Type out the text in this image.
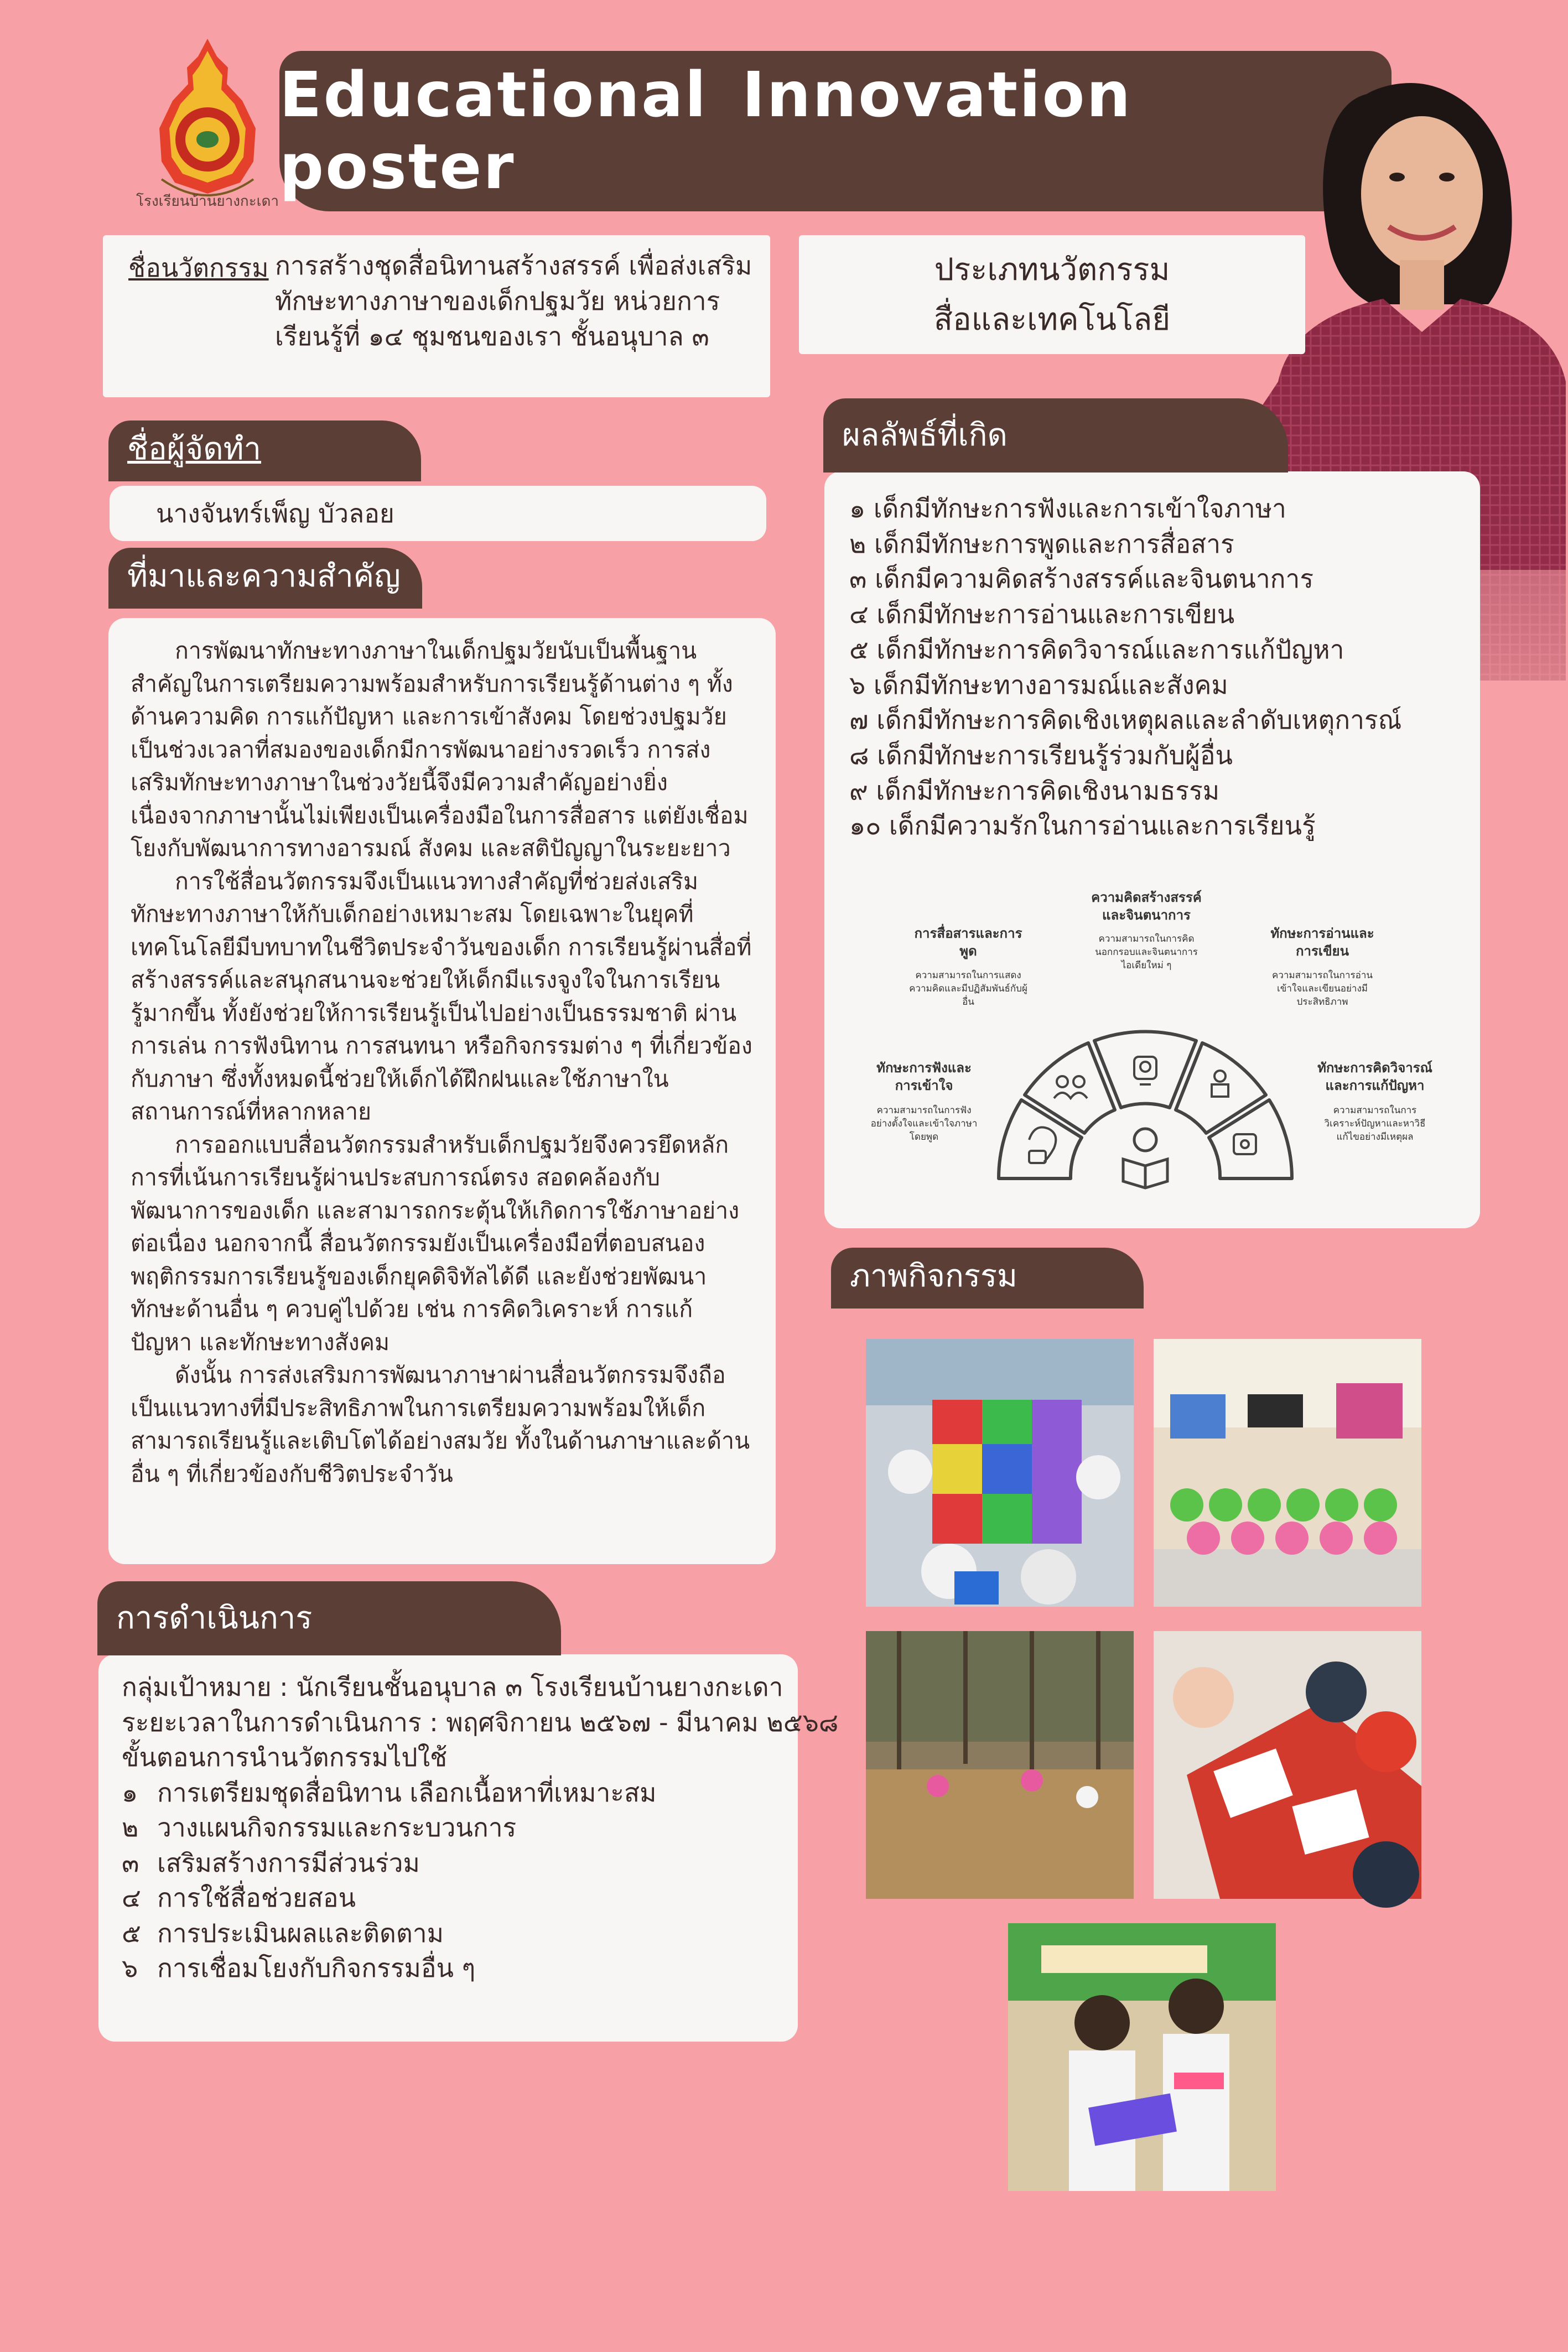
Educational Innovation poster
โรงเรียนบ้านยางกะเดา
ชื่อนวัตกรรม การสร้างชุดสื่อนิทานสร้างสรรค์ เพื่อส่งเสริม
ทักษะทางภาษาของเด็กปฐมวัย หน่วยการ
เรียนรู้ที่ ๑๔ ชุมชนของเรา ชั้นอนุบาล ๓
ประเภทนวัตกรรม
สื่อและเทคโนโลยี
ชื่อผู้จัดทำ
นางจันทร์เพ็ญ บัวลอย
ที่มาและความสำคัญ

การพัฒนาทักษะทางภาษาในเด็กปฐมวัยนับเป็นพื้นฐานสำคัญในการเตรียมความพร้อมสำหรับการเรียนรู้ด้านต่าง ๆ ทั้งด้านความคิด การแก้ปัญหา และการเข้าสังคม โดยช่วงปฐมวัย เป็นช่วงเวลาที่สมองของเด็กมีการพัฒนาอย่างรวดเร็ว การส่งเสริมทักษะทางภาษาในช่วงวัยนี้จึงมีความสำคัญอย่างยิ่ง เนื่องจากภาษานั้นไม่เพียงเป็นเครื่องมือในการสื่อสาร แต่ยังเชื่อมโยงกับพัฒนาการทางอารมณ์ สังคม และสติปัญญาในระยะยาว

การใช้สื่อนวัตกรรมจึงเป็นแนวทางสำคัญที่ช่วยส่งเสริมทักษะทางภาษาให้กับเด็กอย่างเหมาะสม โดยเฉพาะในยุคที่เทคโนโลยีมีบทบาทในชีวิตประจำวันของเด็ก การเรียนรู้ผ่านสื่อที่สร้างสรรค์และสนุกสนานจะช่วยให้เด็กมีแรงจูงใจในการเรียนรู้มากขึ้น ทั้งยังช่วยให้การเรียนรู้เป็นไปอย่างเป็นธรรมชาติ ผ่านการเล่น การฟังนิทาน การสนทนา หรือกิจกรรมต่าง ๆ ที่เกี่ยวข้องกับภาษา ซึ่งทั้งหมดนี้ช่วยให้เด็กได้ฝึกฝนและใช้ภาษาในสถานการณ์ที่หลากหลาย

การออกแบบสื่อนวัตกรรมสำหรับเด็กปฐมวัยจึงควรยึดหลักการที่เน้นการเรียนรู้ผ่านประสบการณ์ตรง สอดคล้องกับพัฒนาการของเด็ก และสามารถกระตุ้นให้เกิดการใช้ภาษาอย่างต่อเนื่อง นอกจากนี้ สื่อนวัตกรรมยังเป็นเครื่องมือที่ตอบสนองพฤติกรรมการเรียนรู้ของเด็กยุคดิจิทัลได้ดี และยังช่วยพัฒนาทักษะด้านอื่น ๆ ควบคู่ไปด้วย เช่น การคิดวิเคราะห์ การแก้ปัญหา และทักษะทางสังคม

ดังนั้น การส่งเสริมการพัฒนาภาษาผ่านสื่อนวัตกรรมจึงถือเป็นแนวทางที่มีประสิทธิภาพในการเตรียมความพร้อมให้เด็กสามารถเรียนรู้และเติบโตได้อย่างสมวัย ทั้งในด้านภาษาและด้านอื่น ๆ ที่เกี่ยวข้องกับชีวิตประจำวัน

ผลลัพธ์ที่เกิด
๑ เด็กมีทักษะการฟังและการเข้าใจภาษา
๒ เด็กมีทักษะการพูดและการสื่อสาร
๓ เด็กมีความคิดสร้างสรรค์และจินตนาการ
๔ เด็กมีทักษะการอ่านและการเขียน
๕ เด็กมีทักษะการคิดวิจารณ์และการแก้ปัญหา
๖ เด็กมีทักษะทางอารมณ์และสังคม
๗ เด็กมีทักษะการคิดเชิงเหตุผลและลำดับเหตุการณ์
๘ เด็กมีทักษะการเรียนรู้ร่วมกับผู้อื่น
๙ เด็กมีทักษะการคิดเชิงนามธรรม
๑๐ เด็กมีความรักในการอ่านและการเรียนรู้
ทักษะการฟังและ
การเข้าใจ
ความสามารถในการฟัง
อย่างตั้งใจและเข้าใจภาษา
โดยพูด
การสื่อสารและการ
พูด
ความสามารถในการแสดง
ความคิดและมีปฏิสัมพันธ์กับผู้
อื่น
ความคิดสร้างสรรค์
และจินตนาการ
ความสามารถในการคิด
นอกกรอบและจินตนาการ
ไอเดียใหม่ ๆ
ทักษะการอ่านและ
การเขียน
ความสามารถในการอ่าน
เข้าใจและเขียนอย่างมี
ประสิทธิภาพ
ทักษะการคิดวิจารณ์
และการแก้ปัญหา
ความสามารถในการ
วิเคราะห์ปัญหาและหาวิธี
แก้ไขอย่างมีเหตุผล
ภาพกิจกรรม
การดำเนินการ
กลุ่มเป้าหมาย : นักเรียนชั้นอนุบาล ๓ โรงเรียนบ้านยางกะเดา
ระยะเวลาในการดำเนินการ : พฤศจิกายน ๒๕๖๗ - มีนาคม ๒๕๖๘
ขั้นตอนการนำนวัตกรรมไปใช้
๑ การเตรียมชุดสื่อนิทาน เลือกเนื้อหาที่เหมาะสม
๒ วางแผนกิจกรรมและกระบวนการ
๓ เสริมสร้างการมีส่วนร่วม
๔ การใช้สื่อช่วยสอน
๕ การประเมินผลและติดตาม
๖ การเชื่อมโยงกับกิจกรรมอื่น ๆ
